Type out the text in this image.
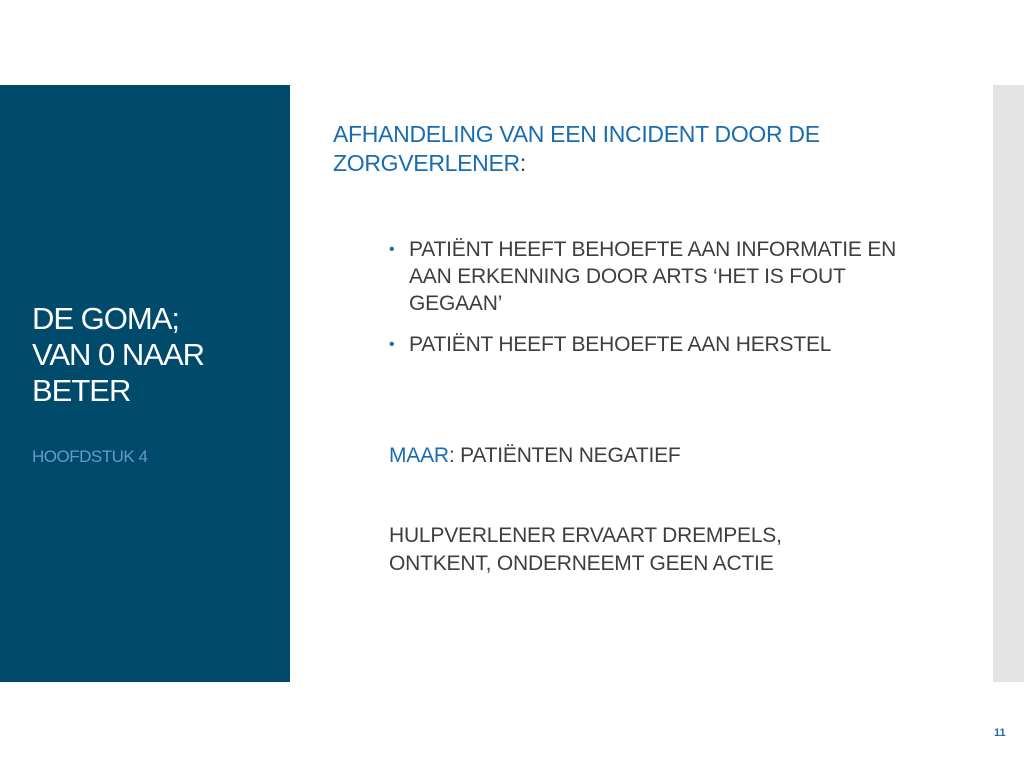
DE GOMA;
VAN 0 NAAR
BETER

HOOFDSTUK 4

AFHANDELING VAN EEN INCIDENT DOOR DE ZORGVERLENER:
• PATIËNT HEEFT BEHOEFTE AAN INFORMATIE EN AAN ERKENNING DOOR ARTS ‘HET IS FOUT GEGAAN’
• PATIËNT HEEFT BEHOEFTE AAN HERSTEL

MAAR: PATIËNTEN NEGATIEF

HULPVERLENER ERVAART DREMPELS,
ONTKENT, ONDERNEEMT GEEN ACTIE

11
